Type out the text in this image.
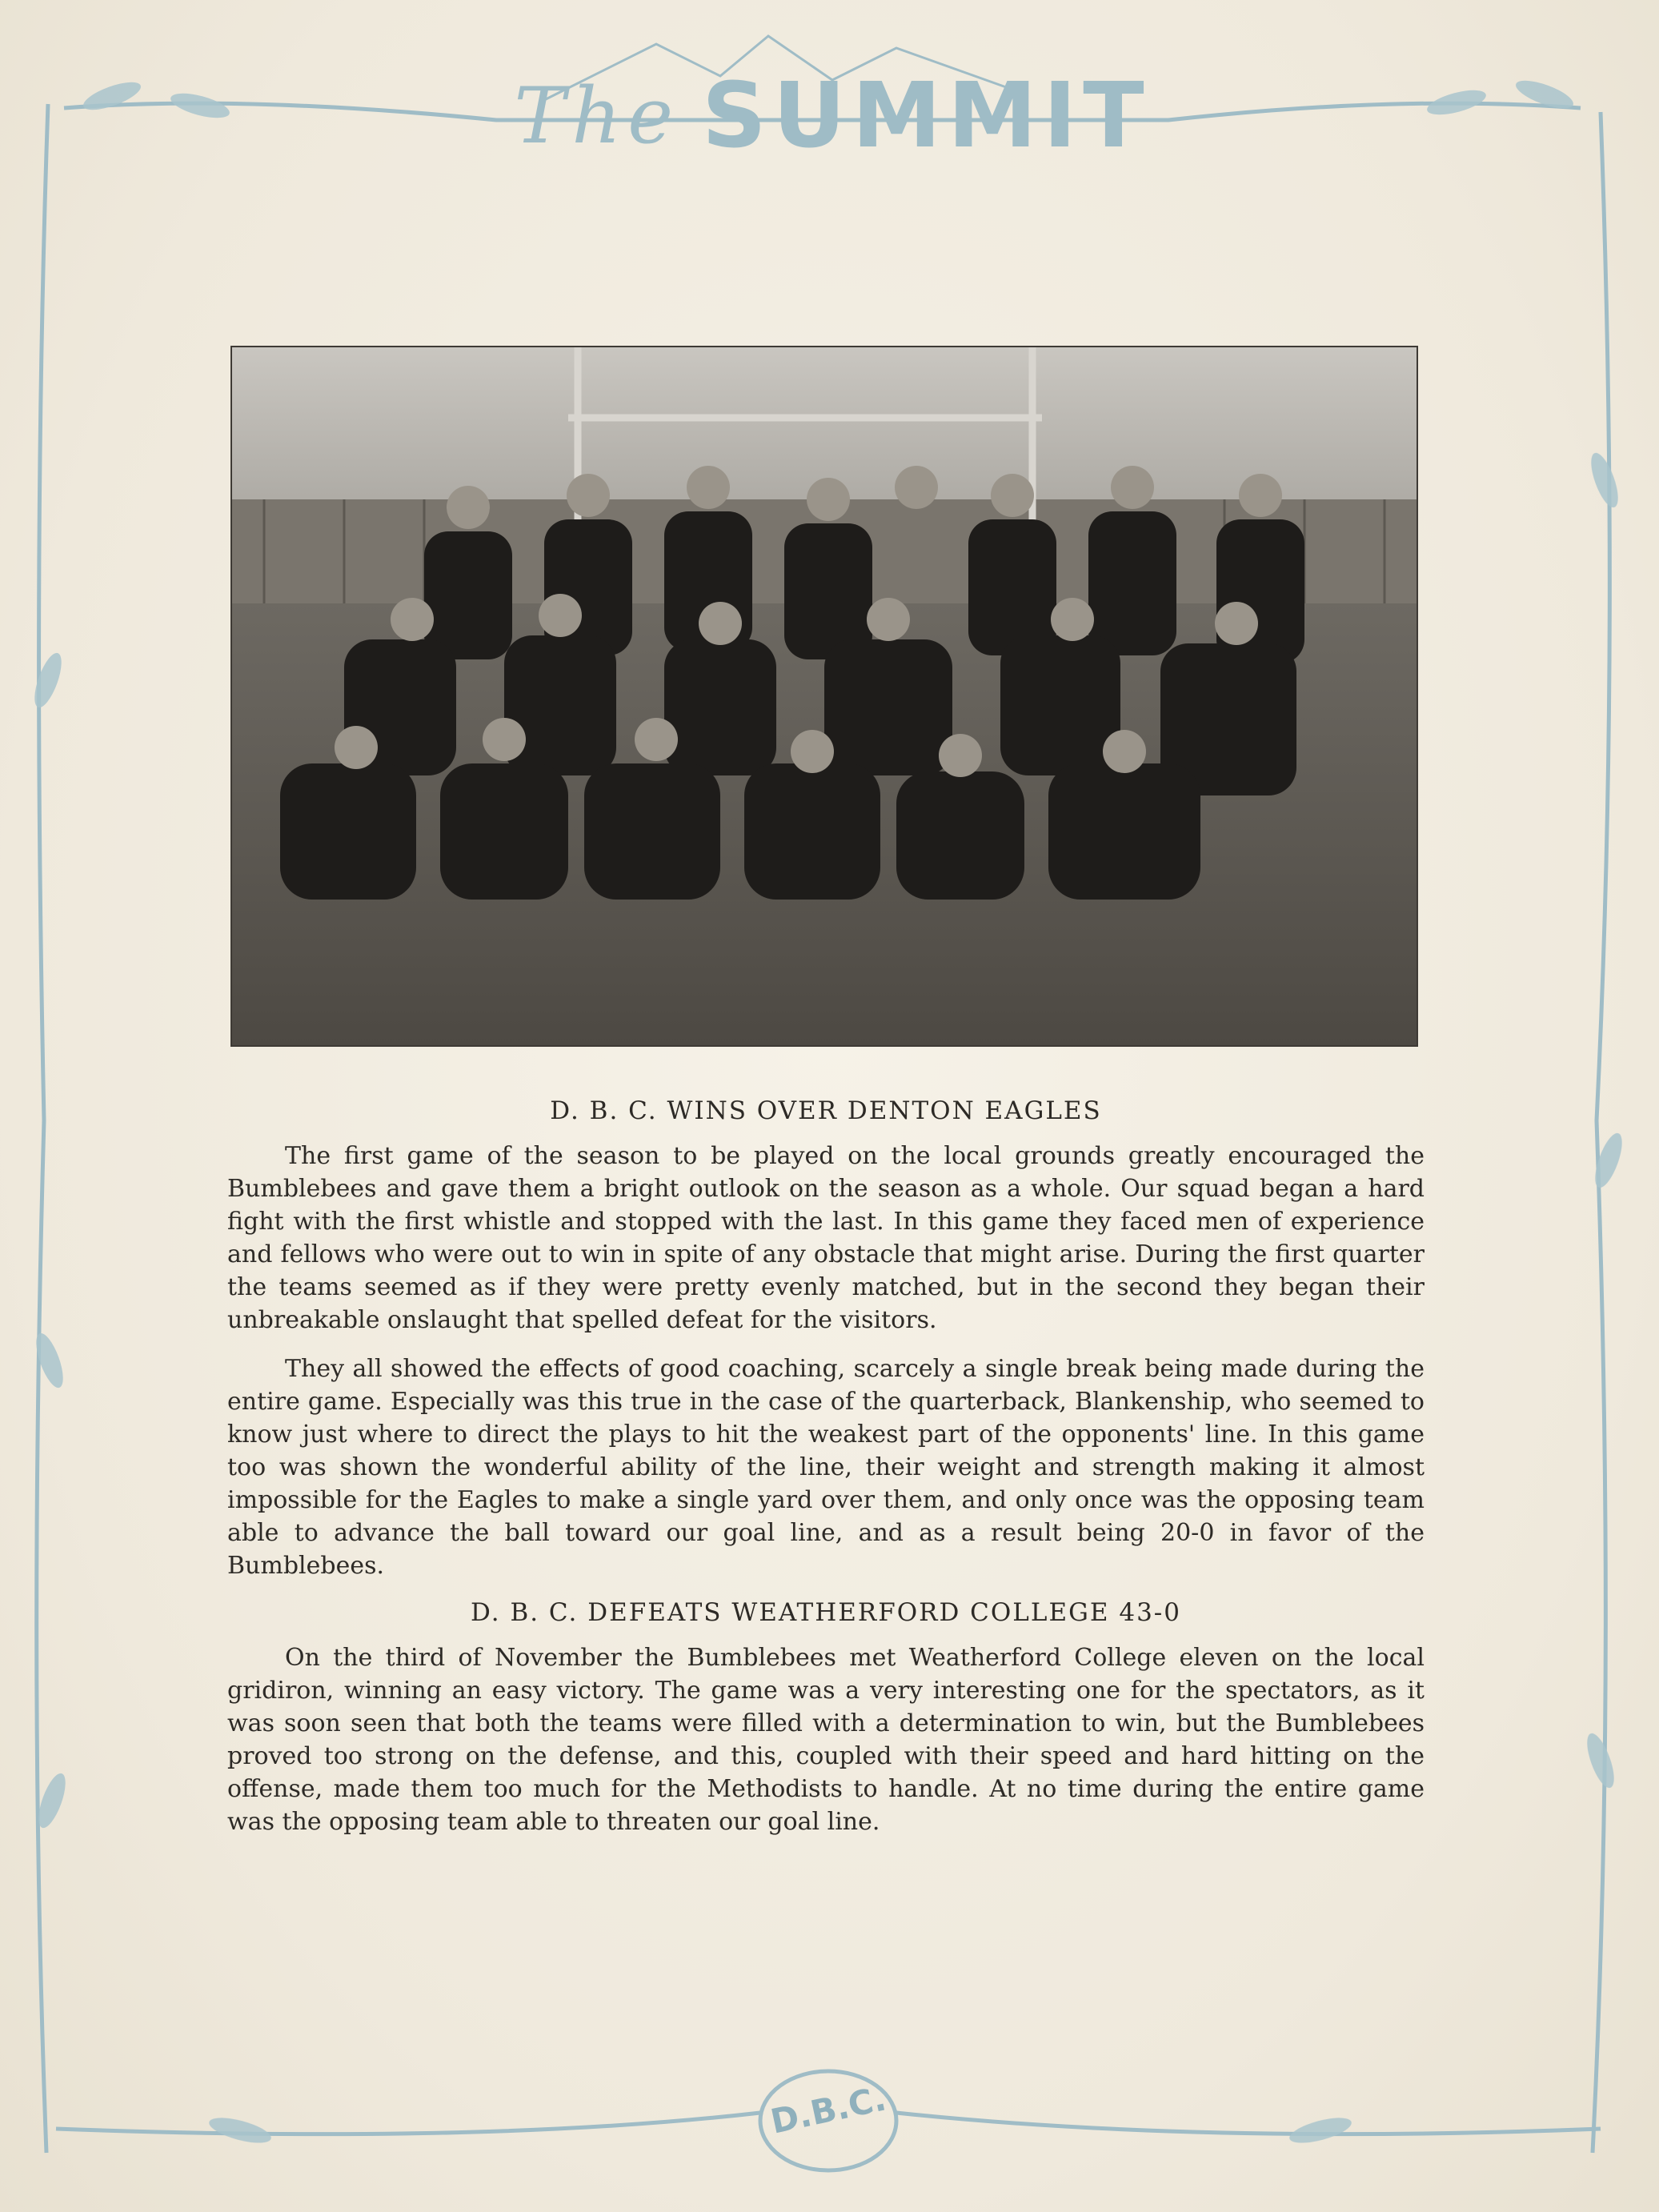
The SUMMIT
D. B. C. WINS OVER DENTON EAGLES

The first game of the season to be played on the local grounds greatly encouraged the Bumblebees and gave them a bright outlook on the season as a whole. Our squad began a hard fight with the first whistle and stopped with the last. In this game they faced men of experience and fellows who were out to win in spite of any obstacle that might arise. During the first quarter the teams seemed as if they were pretty evenly matched, but in the second they began their unbreakable onslaught that spelled defeat for the visitors.

They all showed the effects of good coaching, scarcely a single break being made during the entire game. Especially was this true in the case of the quarterback, Blankenship, who seemed to know just where to direct the plays to hit the weakest part of the opponents' line. In this game too was shown the wonderful ability of the line, their weight and strength making it almost impossible for the Eagles to make a single yard over them, and only once was the opposing team able to advance the ball toward our goal line, and as a result being 20-0 in favor of the Bumblebees.

D. B. C. DEFEATS WEATHERFORD COLLEGE 43-0

On the third of November the Bumblebees met Weatherford College eleven on the local gridiron, winning an easy victory. The game was a very interesting one for the spectators, as it was soon seen that both the teams were filled with a determination to win, but the Bumblebees proved too strong on the defense, and this, coupled with their speed and hard hitting on the offense, made them too much for the Methodists to handle. At no time during the entire game was the opposing team able to threaten our goal line.

D.B.C.
